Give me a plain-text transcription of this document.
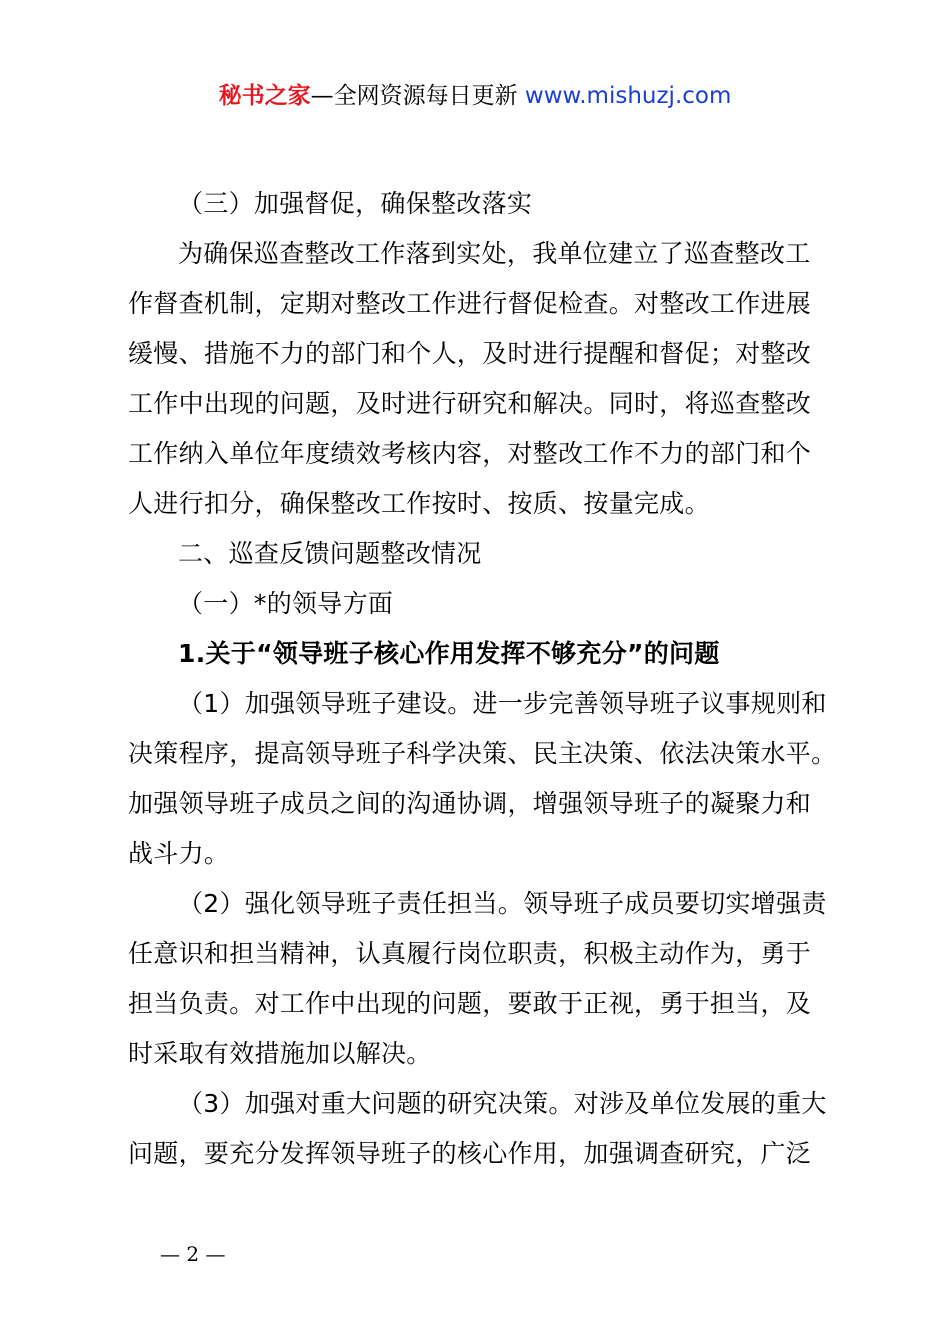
秘书之家—全网资源每日更新 www.mishuzj.com
（三）加强督促，确保整改落实
为确保巡查整改工作落到实处，我单位建立了巡查整改工
作督查机制，定期对整改工作进行督促检查。对整改工作进展
缓慢、措施不力的部门和个人，及时进行提醒和督促；对整改
工作中出现的问题，及时进行研究和解决。同时，将巡查整改
工作纳入单位年度绩效考核内容，对整改工作不力的部门和个
人进行扣分，确保整改工作按时、按质、按量完成。
二、巡查反馈问题整改情况
（一）*的领导方面
1.关于“领导班子核心作用发挥不够充分”的问题
（1）加强领导班子建设。进一步完善领导班子议事规则和
决策程序，提高领导班子科学决策、民主决策、依法决策水平。
加强领导班子成员之间的沟通协调，增强领导班子的凝聚力和
战斗力。
（2）强化领导班子责任担当。领导班子成员要切实增强责
任意识和担当精神，认真履行岗位职责，积极主动作为，勇于
担当负责。对工作中出现的问题，要敢于正视，勇于担当，及
时采取有效措施加以解决。
（3）加强对重大问题的研究决策。对涉及单位发展的重大
问题，要充分发挥领导班子的核心作用，加强调查研究，广泛
— 2 —
